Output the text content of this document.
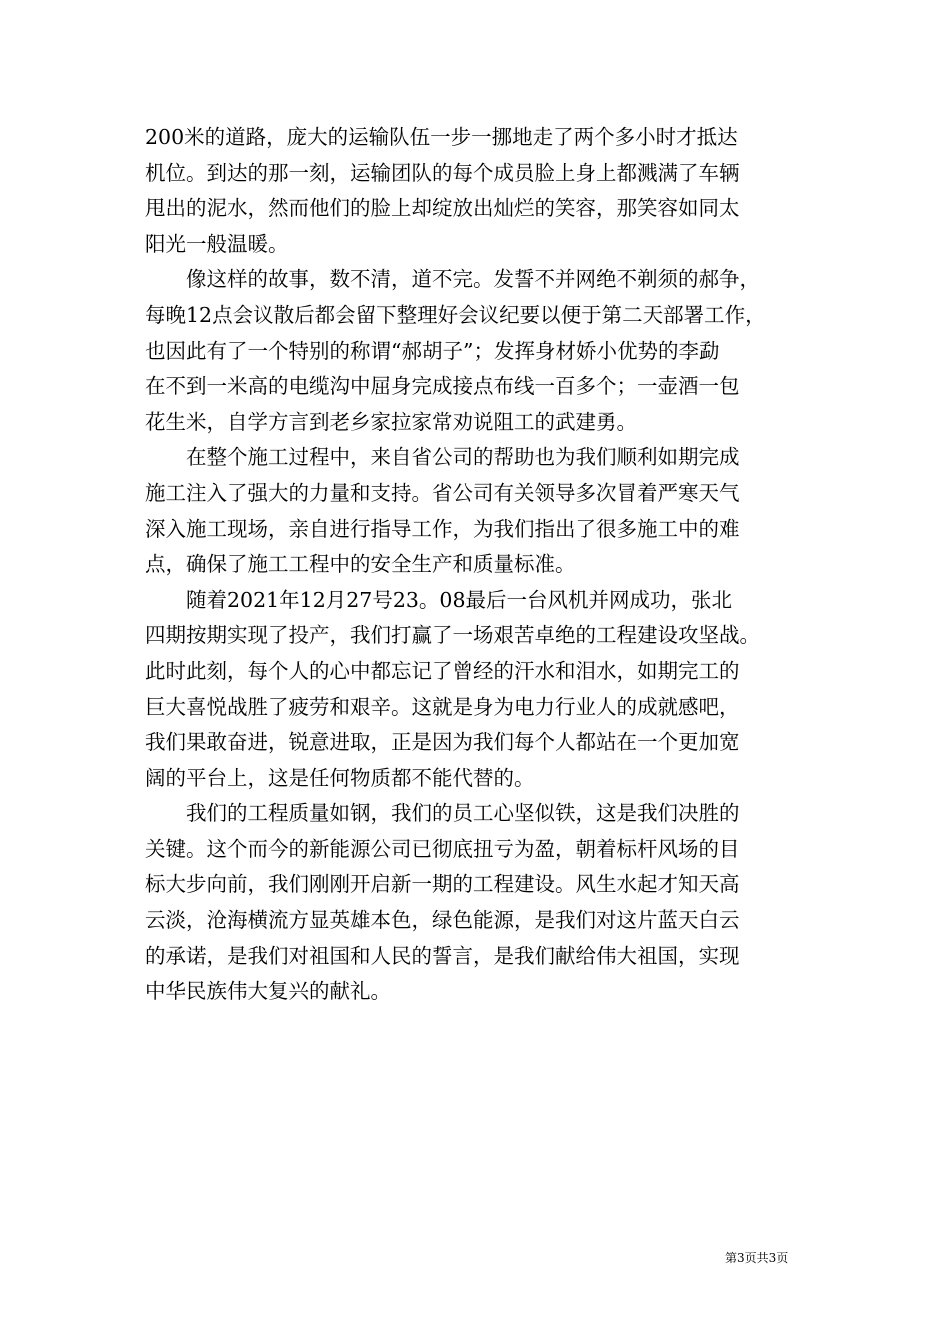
200米的道路，庞大的运输队伍一步一挪地走了两个多小时才抵达
机位。到达的那一刻，运输团队的每个成员脸上身上都溅满了车辆
甩出的泥水，然而他们的脸上却绽放出灿烂的笑容，那笑容如同太
阳光一般温暖。
像这样的故事，数不清，道不完。发誓不并网绝不剃须的郝争，
每晚12点会议散后都会留下整理好会议纪要以便于第二天部署工作，
也因此有了一个特别的称谓“郝胡子”；发挥身材娇小优势的李勐
在不到一米高的电缆沟中屈身完成接点布线一百多个；一壶酒一包
花生米，自学方言到老乡家拉家常劝说阻工的武建勇。
在整个施工过程中，来自省公司的帮助也为我们顺利如期完成
施工注入了强大的力量和支持。省公司有关领导多次冒着严寒天气
深入施工现场，亲自进行指导工作，为我们指出了很多施工中的难
点，确保了施工工程中的安全生产和质量标准。
随着2021年12月27号23。08最后一台风机并网成功，张北
四期按期实现了投产，我们打赢了一场艰苦卓绝的工程建设攻坚战。
此时此刻，每个人的心中都忘记了曾经的汗水和泪水，如期完工的
巨大喜悦战胜了疲劳和艰辛。这就是身为电力行业人的成就感吧，
我们果敢奋进，锐意进取，正是因为我们每个人都站在一个更加宽
阔的平台上，这是任何物质都不能代替的。
我们的工程质量如钢，我们的员工心坚似铁，这是我们决胜的
关键。这个而今的新能源公司已彻底扭亏为盈，朝着标杆风场的目
标大步向前，我们刚刚开启新一期的工程建设。风生水起才知天高
云淡，沧海横流方显英雄本色，绿色能源，是我们对这片蓝天白云
的承诺，是我们对祖国和人民的誓言，是我们献给伟大祖国，实现
中华民族伟大复兴的献礼。
第3页共3页
